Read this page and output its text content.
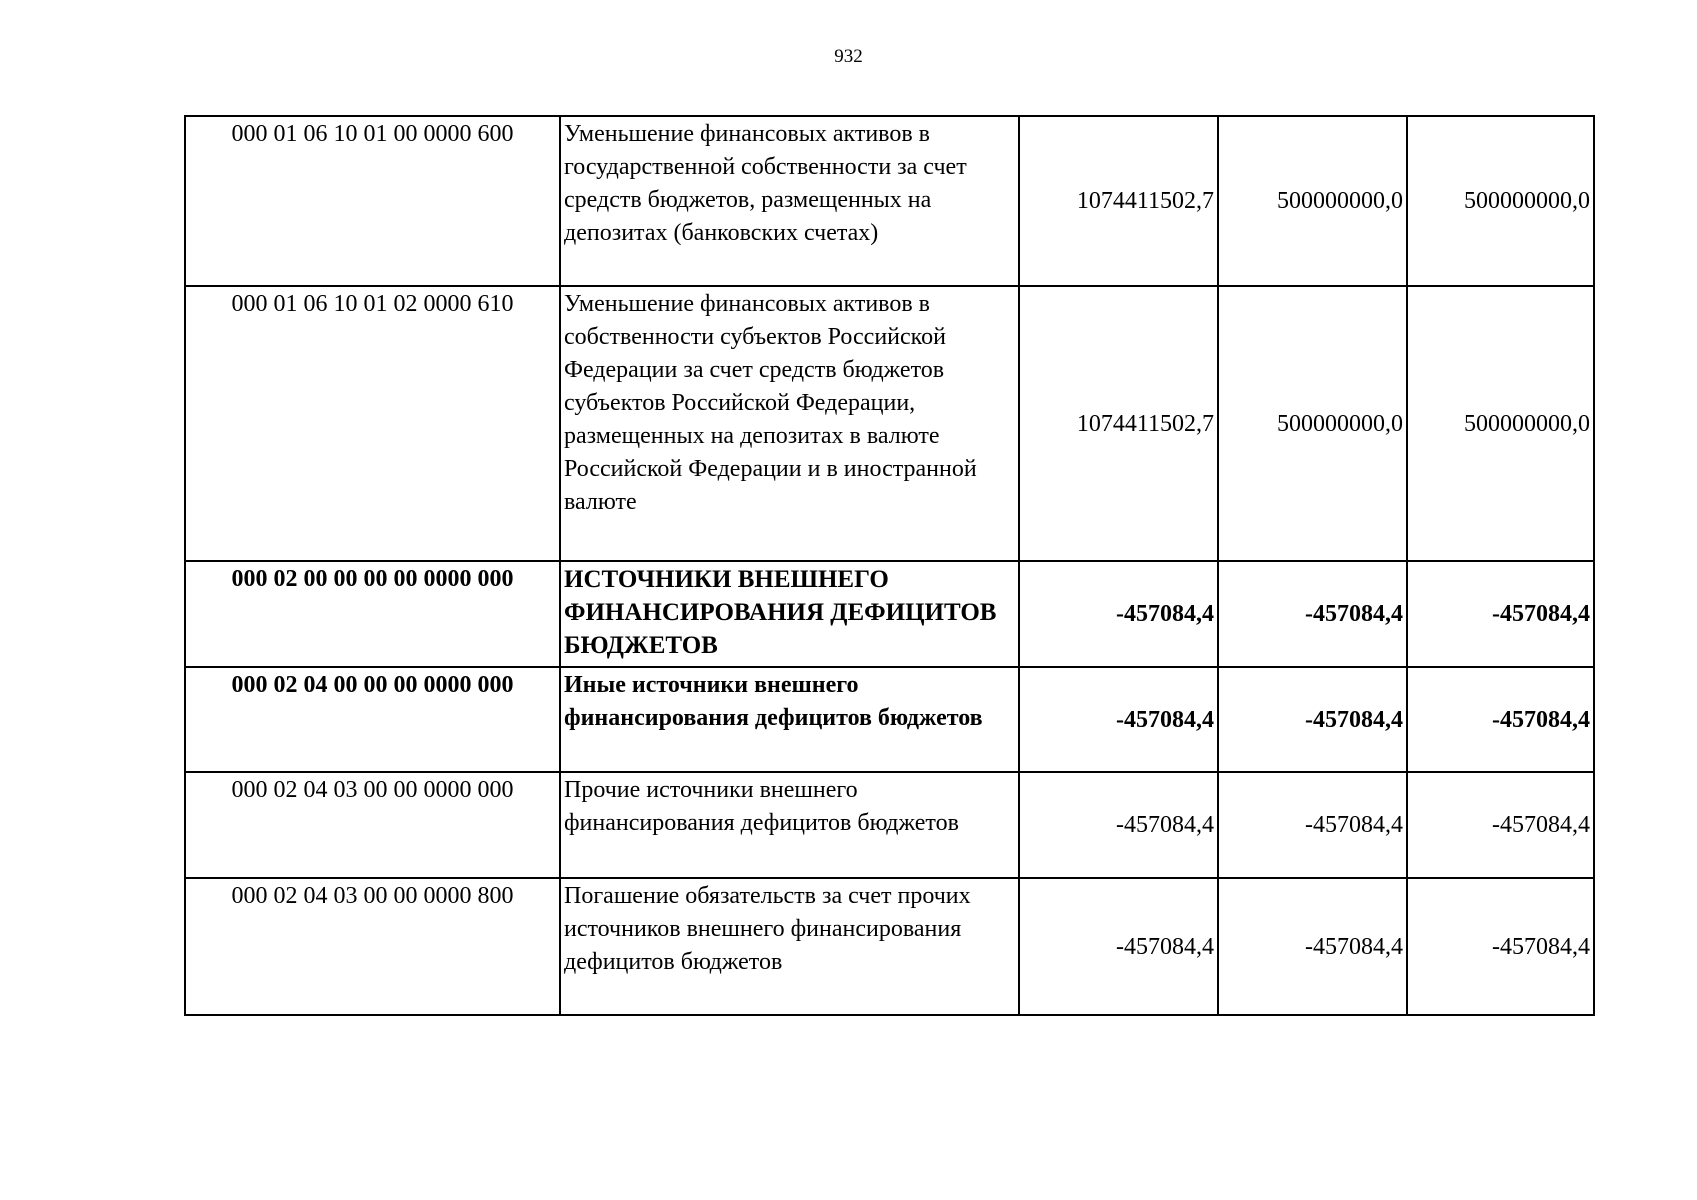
932
000 01 06 10 01 00 0000 600	Уменьшение финансовых активов в государственной собственности за счет средств бюджетов, размещенных на депозитах (банковских счетах)	1074411502,7	500000000,0	500000000,0
000 01 06 10 01 02 0000 610	Уменьшение финансовых активов в собственности субъектов Российской Федерации за счет средств бюджетов субъектов Российской Федерации, размещенных на депозитах в валюте Российской Федерации и в иностранной валюте	1074411502,7	500000000,0	500000000,0
000 02 00 00 00 00 0000 000	ИСТОЧНИКИ ВНЕШНЕГО ФИНАНСИРОВАНИЯ ДЕФИЦИТОВ БЮДЖЕТОВ	-457084,4	-457084,4	-457084,4
000 02 04 00 00 00 0000 000	Иные источники внешнего финансирования дефицитов бюджетов	-457084,4	-457084,4	-457084,4
000 02 04 03 00 00 0000 000	Прочие источники внешнего финансирования дефицитов бюджетов	-457084,4	-457084,4	-457084,4
000 02 04 03 00 00 0000 800	Погашение обязательств за счет прочих источников внешнего финансирования дефицитов бюджетов	-457084,4	-457084,4	-457084,4
